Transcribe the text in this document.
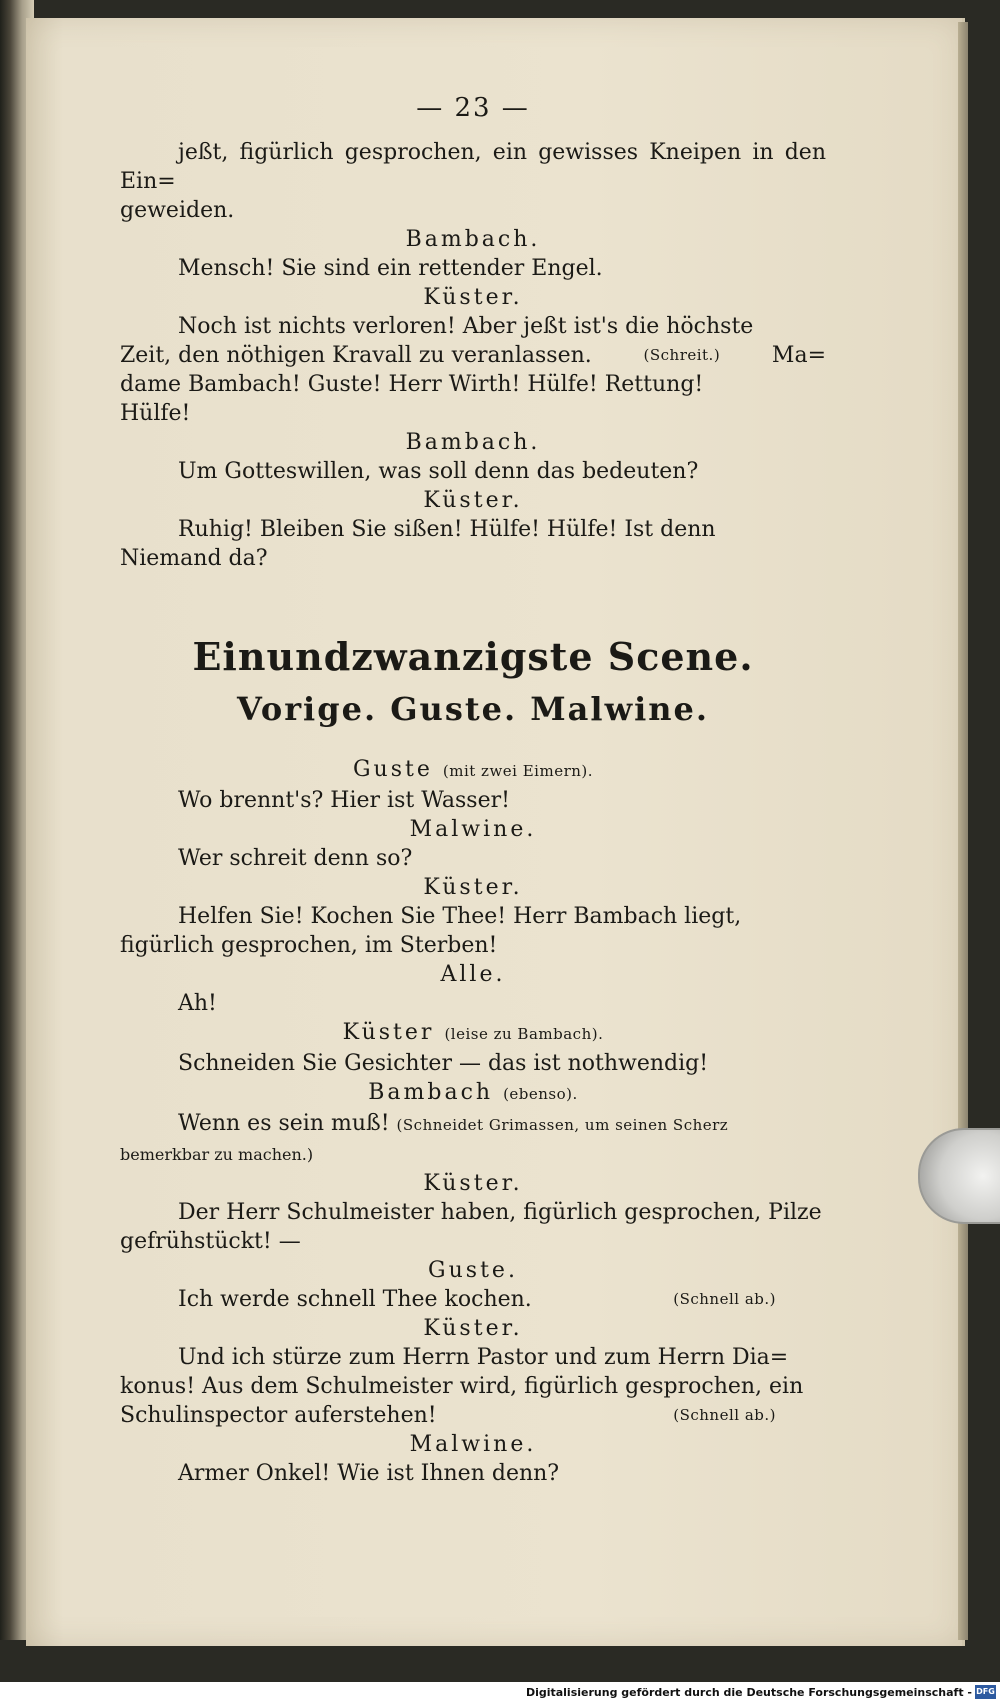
Digitalisierung gefördert durch die Deutsche Forschungsgemeinschaft - DFG
— 23 —
jeßt, figürlich gesprochen, ein gewisses Kneipen in den Ein=
geweiden.
Bambach.
Mensch! Sie sind ein rettender Engel.
Küster.
Noch ist nichts verloren! Aber jeßt ist's die höchste
Zeit, den nöthigen Kravall zu veranlassen.	(Schreit.) Ma=
dame Bambach! Guste! Herr Wirth! Hülfe! Rettung!
Hülfe!
Bambach.
Um Gotteswillen, was soll denn das bedeuten?
Küster.
Ruhig! Bleiben Sie sißen! Hülfe! Hülfe! Ist denn
Niemand da?
Einundzwanzigste Scene.
Vorige. Guste. Malwine.
Guste (mit zwei Eimern).
Wo brennt's? Hier ist Wasser!
Malwine.
Wer schreit denn so?
Küster.
Helfen Sie! Kochen Sie Thee! Herr Bambach liegt,
figürlich gesprochen, im Sterben!
Alle.
Ah!
Küster (leise zu Bambach).
Schneiden Sie Gesichter — das ist nothwendig!
Bambach (ebenso).
Wenn es sein muß! (Schneidet Grimassen, um seinen Scherz
bemerkbar zu machen.)
Küster.
Der Herr Schulmeister haben, figürlich gesprochen, Pilze
gefrühstückt! —
Guste.
Ich werde schnell Thee kochen.	(Schnell ab.)
Küster.
Und ich stürze zum Herrn Pastor und zum Herrn Dia=
konus! Aus dem Schulmeister wird, figürlich gesprochen, ein
Schulinspector auferstehen!	(Schnell ab.)
Malwine.
Armer Onkel! Wie ist Ihnen denn?
